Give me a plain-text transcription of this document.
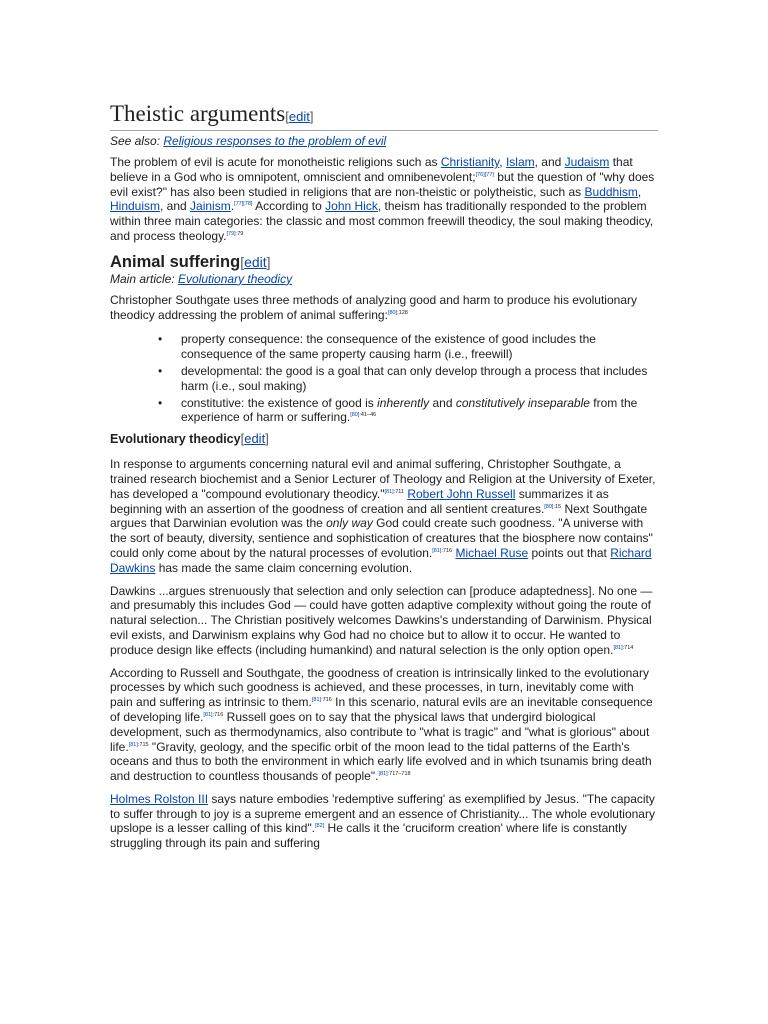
Theistic arguments[edit]
See also: Religious responses to the problem of evil

The problem of evil is acute for monotheistic religions such as Christianity, Islam, and Judaism that believe in a God who is omnipotent, omniscient and omnibenevolent;[76][77] but the question of "why does evil exist?" has also been studied in religions that are non-theistic or polytheistic, such as Buddhism, Hinduism, and Jainism.[77][78] According to John Hick, theism has traditionally responded to the problem within three main categories: the classic and most common freewill theodicy, the soul making theodicy, and process theology.$^{[79]:79}$

Animal suffering[edit]
Main article: Evolutionary theodicy

Christopher Southgate uses three methods of analyzing good and harm to produce his evolutionary theodicy addressing the problem of animal suffering:$^{[80]:128}$

• property consequence: the consequence of the existence of good includes the consequence of the same property causing harm (i.e., freewill)
• developmental: the good is a goal that can only develop through a process that includes harm (i.e., soul making)
• constitutive: the existence of good is inherently and constitutively inseparable from the experience of harm or suffering.$^{[80]:41-46}$
Evolutionary theodicy[edit]

In response to arguments concerning natural evil and animal suffering, Christopher Southgate, a trained research biochemist and a Senior Lecturer of Theology and Religion at the University of Exeter, has developed a "compound evolutionary theodicy."$^{[81]:711}$ Robert John Russell summarizes it as beginning with an assertion of the goodness of creation and all sentient creatures.$^{[80]:15}$ Next Southgate argues that Darwinian evolution was the only way God could create such goodness. "A universe with the sort of beauty, diversity, sentience and sophistication of creatures that the biosphere now contains" could only come about by the natural processes of evolution.$^{[81]:716}$ Michael Ruse points out that Richard Dawkins has made the same claim concerning evolution.

Dawkins ...argues strenuously that selection and only selection can [produce adaptedness]. No one — and presumably this includes God — could have gotten adaptive complexity without going the route of natural selection... The Christian positively welcomes Dawkins's understanding of Darwinism. Physical evil exists, and Darwinism explains why God had no choice but to allow it to occur. He wanted to produce design like effects (including humankind) and natural selection is the only option open.$^{[81]:714}$

According to Russell and Southgate, the goodness of creation is intrinsically linked to the evolutionary processes by which such goodness is achieved, and these processes, in turn, inevitably come with pain and suffering as intrinsic to them.$^{[81]:716}$ In this scenario, natural evils are an inevitable consequence of developing life.$^{[81]:716}$ Russell goes on to say that the physical laws that undergird biological development, such as thermodynamics, also contribute to "what is tragic" and "what is glorious" about life.$^{[81]:715}$ "Gravity, geology, and the specific orbit of the moon lead to the tidal patterns of the Earth's oceans and thus to both the environment in which early life evolved and in which tsunamis bring death and destruction to countless thousands of people".$^{[81]:717-718}$

Holmes Rolston III says nature embodies 'redemptive suffering' as exemplified by Jesus. "The capacity to suffer through to joy is a supreme emergent and an essence of Christianity... The whole evolutionary upslope is a lesser calling of this kind".[82] He calls it the 'cruciform creation' where life is constantly struggling through its pain and suffering
